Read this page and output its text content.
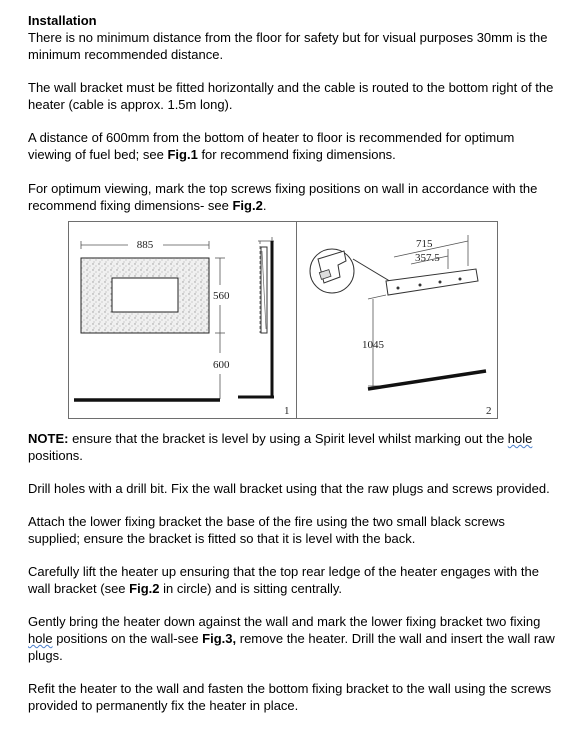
Installation

There is no minimum distance from the floor for safety but for visual purposes 30mm is the minimum recommended distance.

The wall bracket must be fitted horizontally and the cable is routed to the bottom right of the heater (cable is approx. 1.5m long).

A distance of 600mm from the bottom of heater to floor is recommended for optimum viewing of fuel bed; see Fig.1 for recommend fixing dimensions.

For optimum viewing, mark the top screws fixing positions on wall in accordance with the recommend fixing dimensions- see Fig.2.

885
560
600
1
715
357.5
1045
2

NOTE: ensure that the bracket is level by using a Spirit level whilst marking out the hole positions.

Drill holes with a drill bit. Fix the wall bracket using that the raw plugs and screws provided.

Attach the lower fixing bracket the base of the fire using the two small black screws supplied; ensure the bracket is fitted so that it is level with the back.

Carefully lift the heater up ensuring that the top rear ledge of the heater engages with the wall bracket (see Fig.2 in circle) and is sitting centrally.

Gently bring the heater down against the wall and mark the lower fixing bracket two fixing hole positions on the wall-see Fig.3, remove the heater. Drill the wall and insert the wall raw plugs.

Refit the heater to the wall and fasten the bottom fixing bracket to the wall using the screws provided to permanently fix the heater in place.
